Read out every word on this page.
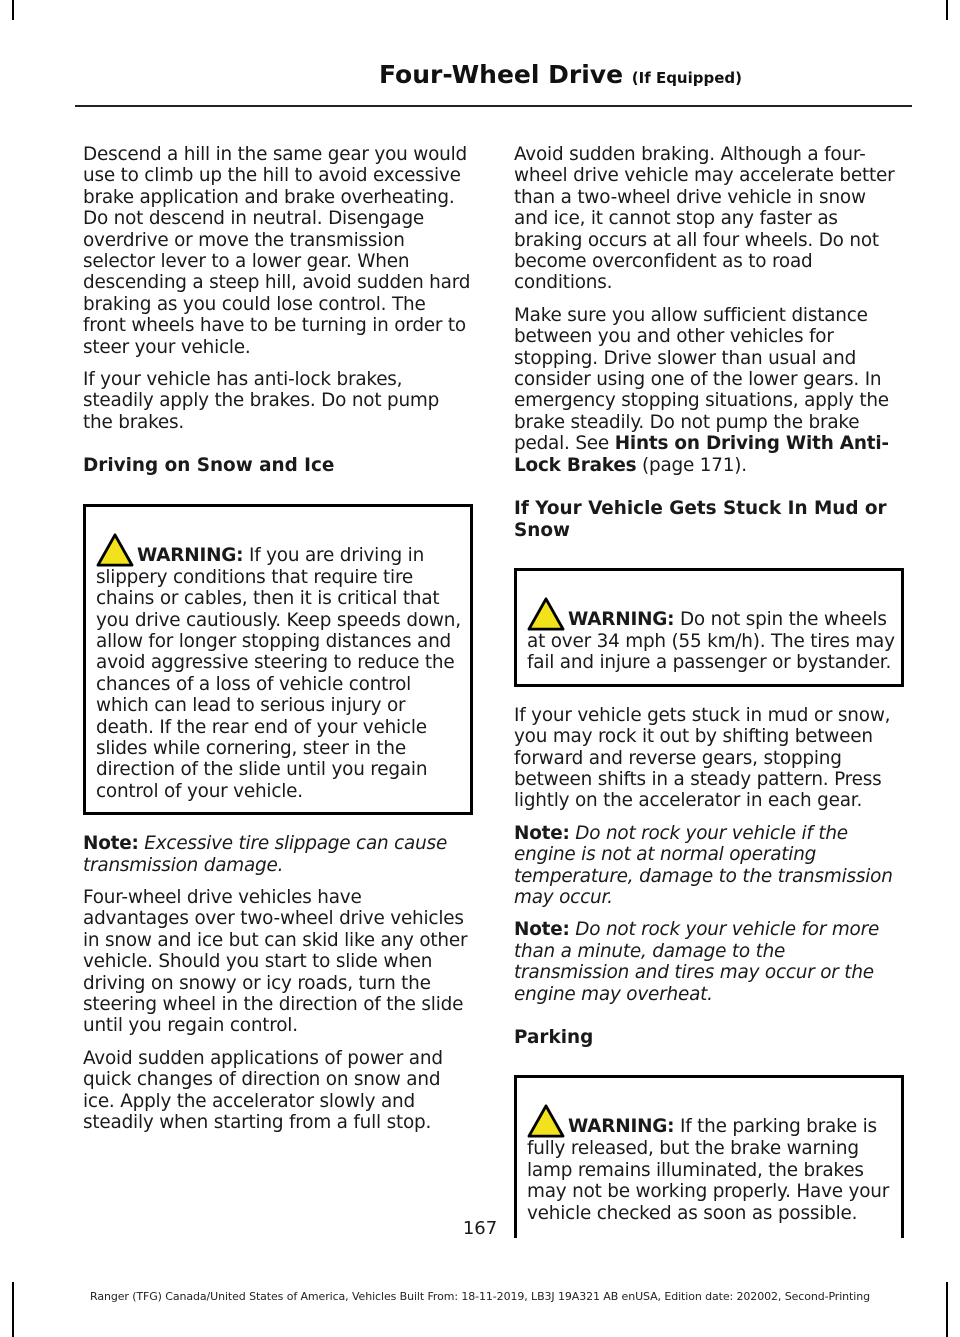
Four-Wheel Drive (If Equipped)

Descend a hill in the same gear you would use to climb up the hill to avoid excessive brake application and brake overheating. Do not descend in neutral. Disengage overdrive or move the transmission selector lever to a lower gear. When descending a steep hill, avoid sudden hard braking as you could lose control. The front wheels have to be turning in order to steer your vehicle.

If your vehicle has anti-lock brakes, steadily apply the brakes. Do not pump the brakes.

Driving on Snow and Ice

WARNING: If you are driving in slippery conditions that require tire chains or cables, then it is critical that you drive cautiously. Keep speeds down, allow for longer stopping distances and avoid aggressive steering to reduce the chances of a loss of vehicle control which can lead to serious injury or death. If the rear end of your vehicle slides while cornering, steer in the direction of the slide until you regain control of your vehicle.

Note: Excessive tire slippage can cause transmission damage.

Four-wheel drive vehicles have advantages over two-wheel drive vehicles in snow and ice but can skid like any other vehicle. Should you start to slide when driving on snowy or icy roads, turn the steering wheel in the direction of the slide until you regain control.

Avoid sudden applications of power and quick changes of direction on snow and ice. Apply the accelerator slowly and steadily when starting from a full stop.

Avoid sudden braking. Although a four-wheel drive vehicle may accelerate better than a two-wheel drive vehicle in snow and ice, it cannot stop any faster as braking occurs at all four wheels. Do not become overconfident as to road conditions.

Make sure you allow sufficient distance between you and other vehicles for stopping. Drive slower than usual and consider using one of the lower gears. In emergency stopping situations, apply the brake steadily. Do not pump the brake pedal. See Hints on Driving With Anti-Lock Brakes (page 171).

If Your Vehicle Gets Stuck In Mud or Snow

WARNING: Do not spin the wheels at over 34 mph (55 km/h). The tires may fail and injure a passenger or bystander.

If your vehicle gets stuck in mud or snow, you may rock it out by shifting between forward and reverse gears, stopping between shifts in a steady pattern. Press lightly on the accelerator in each gear.

Note: Do not rock your vehicle if the engine is not at normal operating temperature, damage to the transmission may occur.

Note: Do not rock your vehicle for more than a minute, damage to the transmission and tires may occur or the engine may overheat.

Parking

WARNING: If the parking brake is fully released, but the brake warning lamp remains illuminated, the brakes may not be working properly. Have your vehicle checked as soon as possible.

167
Ranger (TFG) Canada/United States of America, Vehicles Built From: 18-11-2019, LB3J 19A321 AB enUSA, Edition date: 202002, Second-Printing
